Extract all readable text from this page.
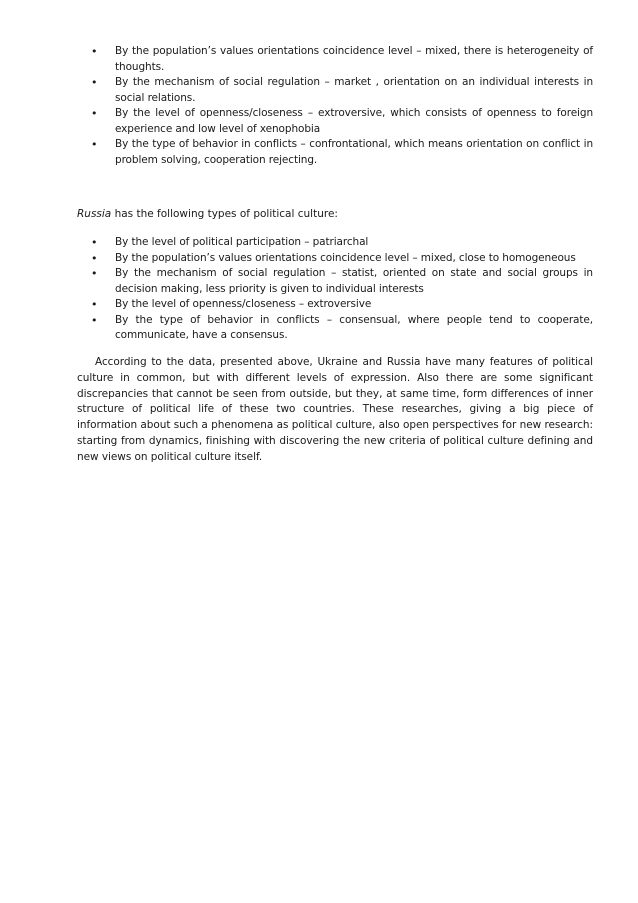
• By the population’s values orientations coincidence level – mixed, there is heterogeneity of thoughts.
• By the mechanism of social regulation – market , orientation on an individual interests in social relations.
• By the level of openness/closeness – extroversive, which consists of openness to foreign experience and low level of xenophobia
• By the type of behavior in conflicts – confrontational, which means orientation on conflict in problem solving, cooperation rejecting.

Russia has the following types of political culture:

• By the level of political participation – patriarchal
• By the population’s values orientations coincidence level – mixed, close to homogeneous
• By the mechanism of social regulation – statist, oriented on state and social groups in decision making, less priority is given to individual interests
• By the level of openness/closeness – extroversive
• By the type of behavior in conflicts – consensual, where people tend to cooperate, communicate, have a consensus.

According to the data, presented above, Ukraine and Russia have many features of political culture in common, but with different levels of expression. Also there are some significant discrepancies that cannot be seen from outside, but they, at same time, form differences of inner structure of political life of these two countries. These researches, giving a big piece of information about such a phenomena as political culture, also open perspectives for new research: starting from dynamics, finishing with discovering the new criteria of political culture defining and new views on political culture itself.
